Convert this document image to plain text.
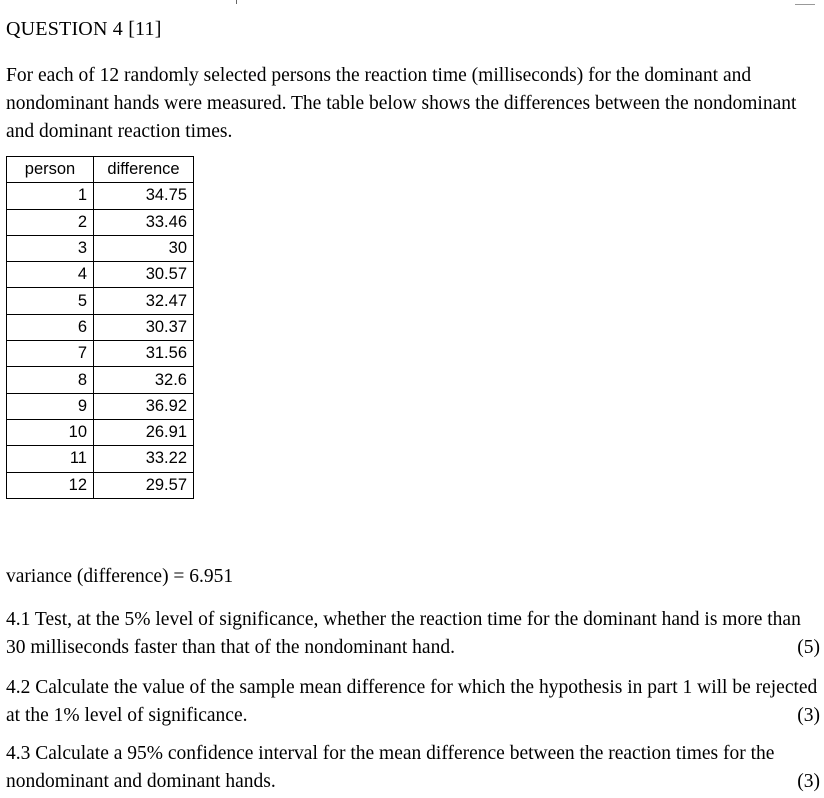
QUESTION 4 [11]
For each of 12 randomly selected persons the reaction time (milliseconds) for the dominant and nondominant hands were measured. The table below shows the differences between the nondominant and dominant reaction times.
person	difference
1	34.75
2	33.46
3	30
4	30.57
5	32.47
6	30.37
7	31.56
8	32.6
9	36.92
10	26.91
11	33.22
12	29.57
variance (difference) = 6.951
4.1 Test, at the 5% level of significance, whether the reaction time for the dominant hand is more than 30 milliseconds faster than that of the nondominant hand.	(5)
4.2 Calculate the value of the sample mean difference for which the hypothesis in part 1 will be rejected at the 1% level of significance.	(3)
4.3 Calculate a 95% confidence interval for the mean difference between the reaction times for the nondominant and dominant hands.	(3)
